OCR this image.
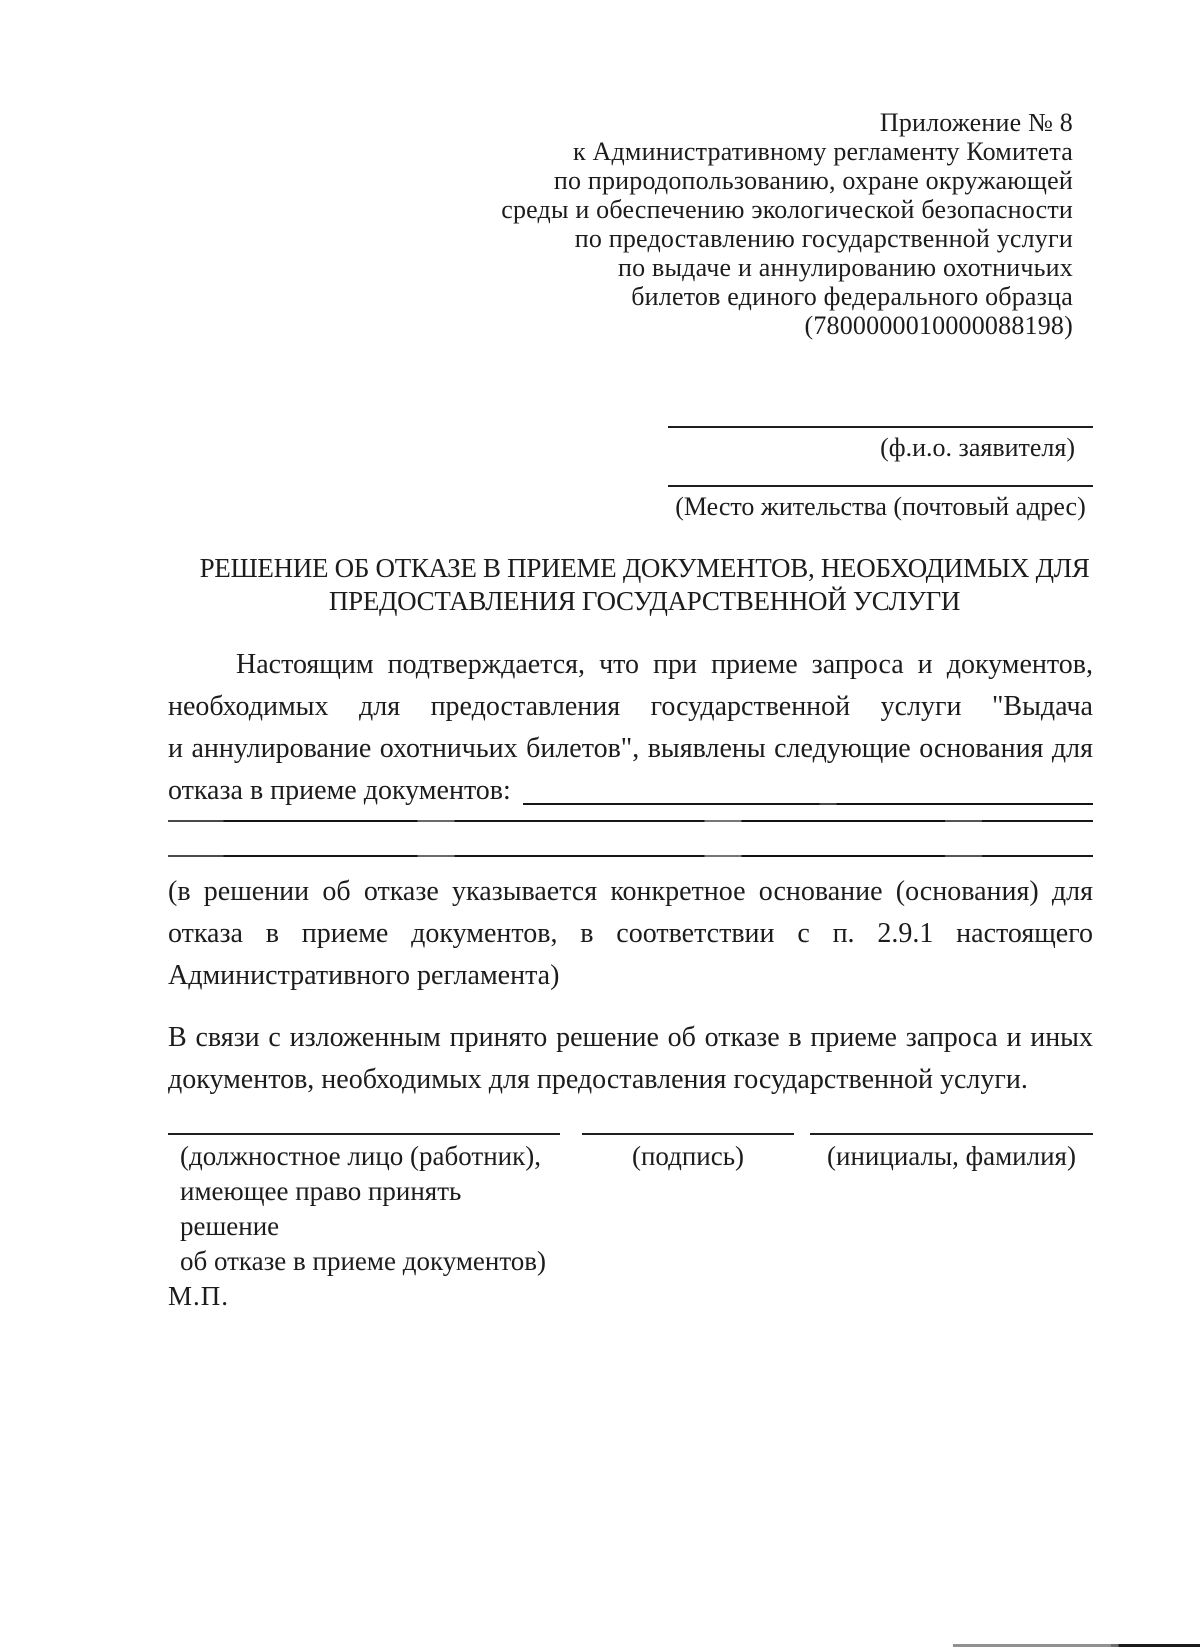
Приложение № 8
к Административному регламенту Комитета
по природопользованию, охране окружающей
среды и обеспечению экологической безопасности
по предоставлению государственной услуги
по выдаче и аннулированию охотничьих
билетов единого федерального образца
(7800000010000088198)
(ф.и.о. заявителя)
(Место жительства (почтовый адрес)
РЕШЕНИЕ ОБ ОТКАЗЕ В ПРИЕМЕ ДОКУМЕНТОВ, НЕОБХОДИМЫХ ДЛЯ
ПРЕДОСТАВЛЕНИЯ ГОСУДАРСТВЕННОЙ УСЛУГИ
Настоящим подтверждается, что при приеме запроса и документов,
необходимых для предоставления государственной услуги "Выдача
и аннулирование охотничьих билетов", выявлены следующие основания для
отказа в приеме документов:
(в решении об отказе указывается конкретное основание (основания) для
отказа в приеме документов, в соответствии с п. 2.9.1 настоящего
Административного регламента)
В связи с изложенным принято решение об отказе в приеме запроса и иных
документов, необходимых для предоставления государственной услуги.
(должностное лицо (работник),
имеющее право принять решение
об отказе в приеме документов)
(подпись)	(инициалы, фамилия)
М.П.
